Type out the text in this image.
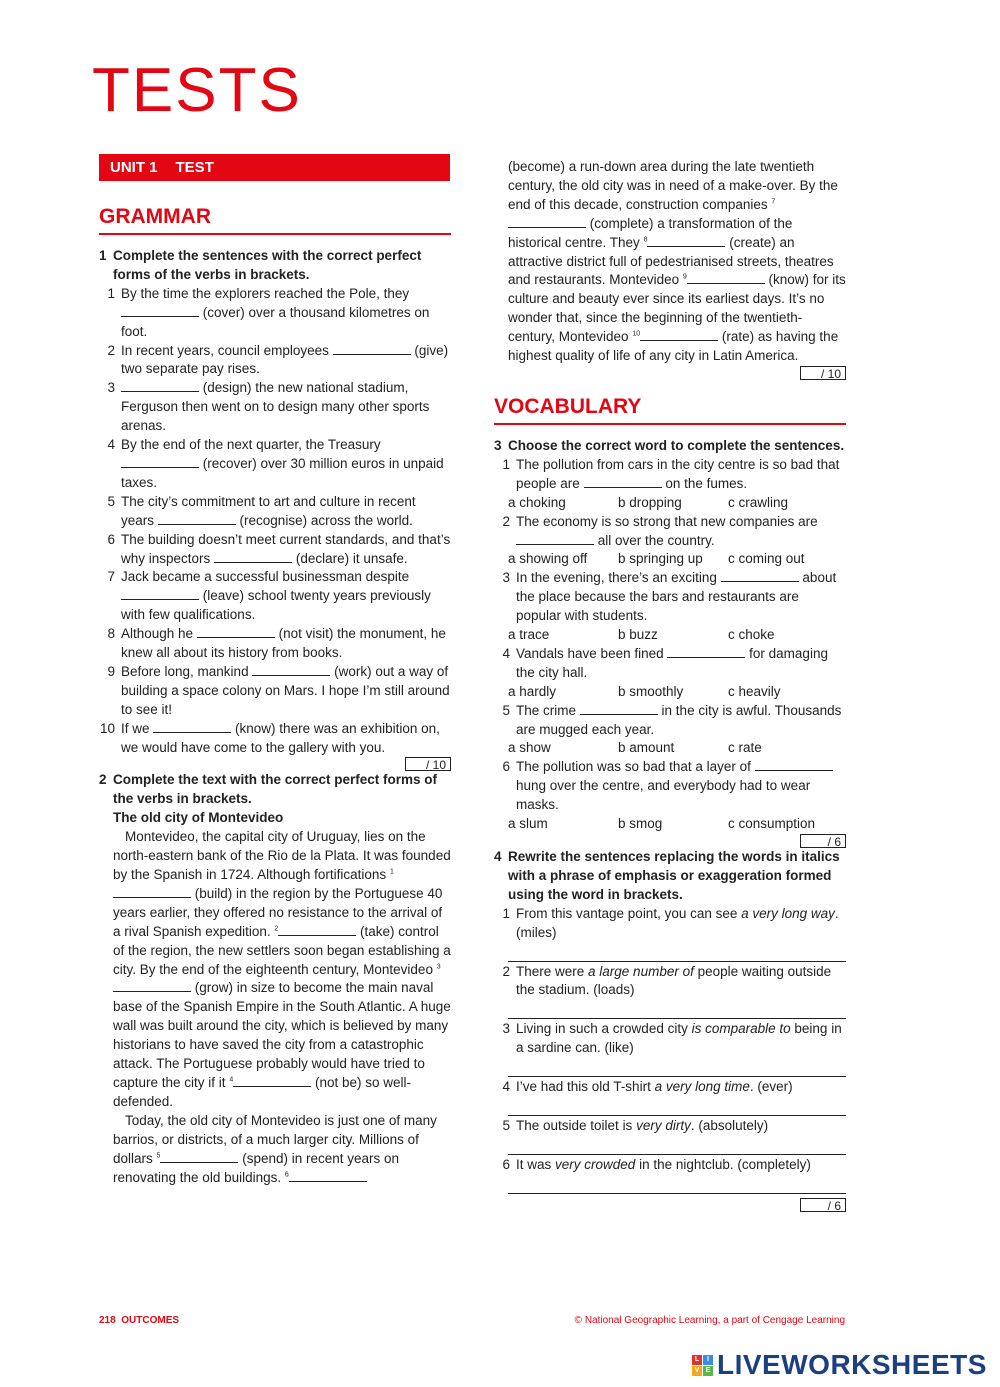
TESTS
UNIT 1 TEST
GRAMMAR
1 Complete the sentences with the correct perfect forms of the verbs in brackets.
1 By the time the explorers reached the Pole, they  (cover) over a thousand kilometres on foot.
2 In recent years, council employees	(give) two separate pay rises.
3	(design) the new national stadium, Ferguson then went on to design many other sports arenas.
4 By the end of the next quarter, the Treasury  (recover) over 30 million euros in unpaid taxes.
5 The city’s commitment to art and culture in recent years	(recognise) across the world.
6 The building doesn’t meet current standards, and that’s why inspectors	(declare) it unsafe.
7 Jack became a successful businessman despite  (leave) school twenty years previously with few qualifications.
8 Although he	(not visit) the monument, he knew all about its history from books.
9 Before long, mankind	(work) out a way of building a space colony on Mars. I hope I’m still around to see it!
10 If we	(know) there was an exhibition on, we would have come to the gallery with you.
/ 10
2 Complete the text with the correct perfect forms of the verbs in brackets.
The old city of Montevideo
Montevideo, the capital city of Uruguay, lies on the north-eastern bank of the Rio de la Plata. It was founded by the Spanish in 1724. Although fortifications $^1$ (build) in the region by the Portuguese 40 years earlier, they offered no resistance to the arrival of a rival Spanish expedition. $^2$	(take) control of the region, the new settlers soon began establishing a city. By the end of the eighteenth century, Montevideo $^3$ (grow) in size to become the main naval base of the Spanish Empire in the South Atlantic. A huge wall was built around the city, which is believed by many historians to have saved the city from a catastrophic attack. The Portuguese probably would have tried to capture the city if it $^4$	(not be) so well-defended.
Today, the old city of Montevideo is just one of many barrios, or districts, of a much larger city. Millions of dollars $^5$	(spend) in recent years on renovating the old buildings. $^6$
(become) a run-down area during the late twentieth century, the old city was in need of a make-over. By the end of this decade, construction companies $^7$ (complete) a transformation of the historical centre. They $^8$	(create) an attractive district full of pedestrianised streets, theatres and restaurants. Montevideo $^9$	(know) for its culture and beauty ever since its earliest days. It’s no wonder that, since the beginning of the twentieth-century, Montevideo $^{10}$	(rate) as having the highest quality of life of any city in Latin America.
/ 10
VOCABULARY
3 Choose the correct word to complete the sentences.
1 The pollution from cars in the city centre is so bad that people are	on the fumes.
a choking	b dropping	c crawling
2 The economy is so strong that new companies are  all over the country.
a showing off	b springing up	c coming out
3 In the evening, there’s an exciting	about the place because the bars and restaurants are popular with students.
a trace	b buzz	c choke
4 Vandals have been fined	for damaging the city hall.
a hardly	b smoothly	c heavily
5 The crime	in the city is awful. Thousands are mugged each year.
a show	b amount	c rate
6 The pollution was so bad that a layer of  hung over the centre, and everybody had to wear masks.
a slum	b smog	c consumption
/ 6
4 Rewrite the sentences replacing the words in italics with a phrase of emphasis or exaggeration formed using the word in brackets.
1 From this vantage point, you can see a very long way. (miles)
2 There were a large number of people waiting outside the stadium. (loads)
3 Living in such a crowded city is comparable to being in a sardine can. (like)
4 I’ve had this old T-shirt a very long time. (ever)
5 The outside toilet is very dirty. (absolutely)
6 It was very crowded in the nightclub. (completely)
/ 6
218 OUTCOMES	© National Geographic Learning, a part of Cengage Learning
L	I
V E LIVEWORKSHEETS
